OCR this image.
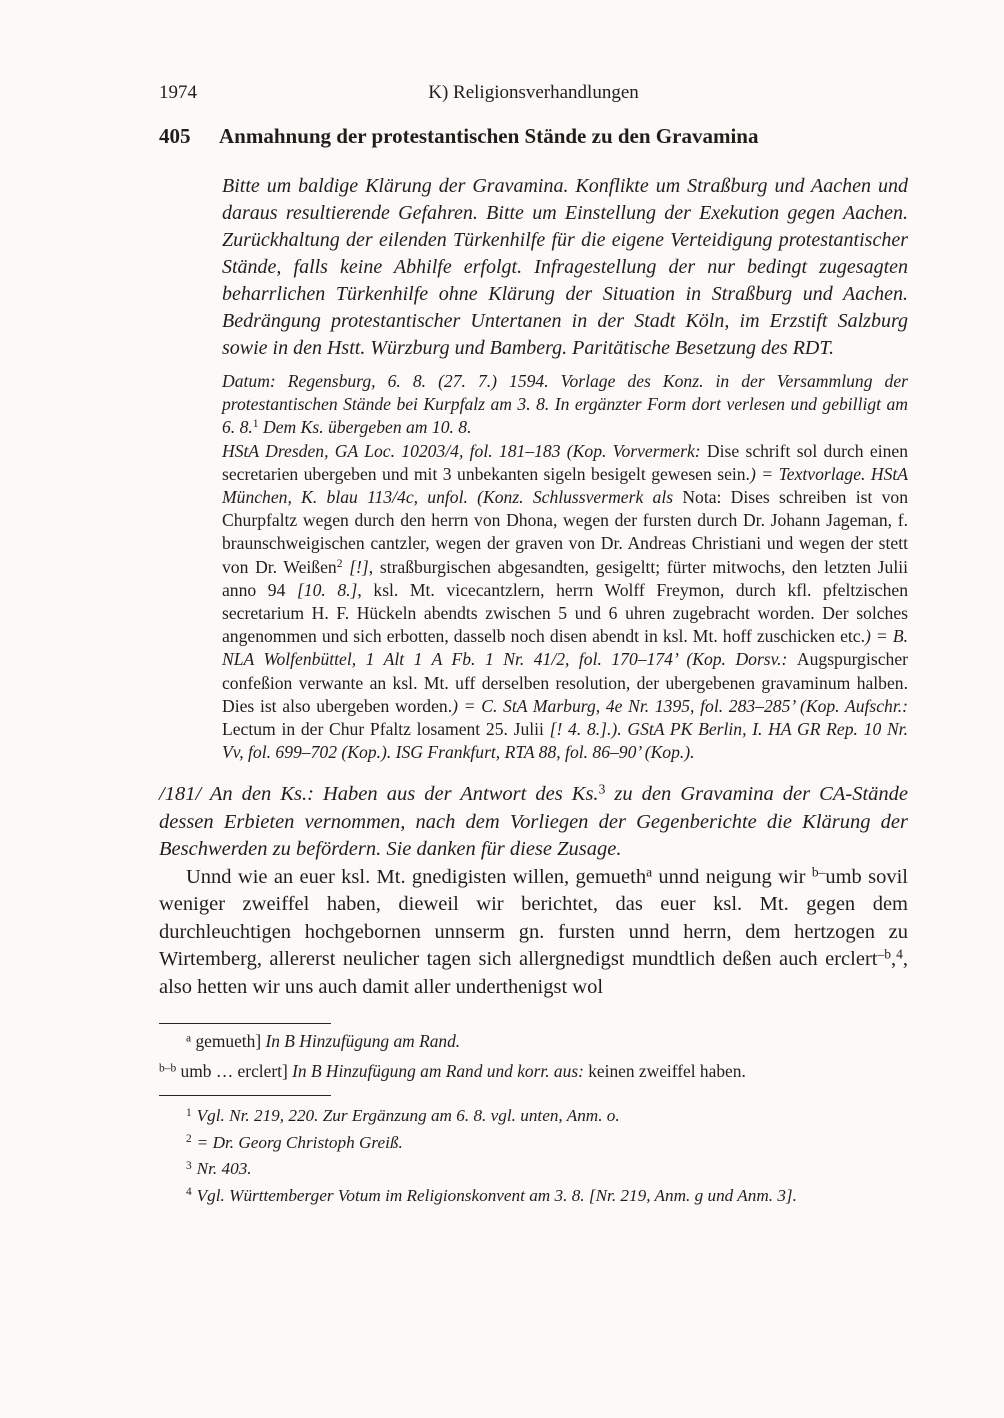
1974	K) Religionsverhandlungen
405	Anmahnung der protestantischen Stände zu den Gravamina

Bitte um baldige Klärung der Gravamina. Konflikte um Straßburg und Aachen und daraus resultierende Gefahren. Bitte um Einstellung der Exekution gegen Aachen. Zurückhaltung der eilenden Türkenhilfe für die eigene Verteidigung protestantischer Stände, falls keine Abhilfe erfolgt. Infragestellung der nur bedingt zugesagten beharrlichen Türkenhilfe ohne Klärung der Situation in Straßburg und Aachen. Bedrängung protestantischer Untertanen in der Stadt Köln, im Erzstift Salzburg sowie in den Hstt. Würzburg und Bamberg. Paritätische Besetzung des RDT.

Datum: Regensburg, 6. 8. (27. 7.) 1594. Vorlage des Konz. in der Versammlung der protestantischen Stände bei Kurpfalz am 3. 8. In ergänzter Form dort verlesen und gebilligt am 6. 8.$^1$ Dem Ks. übergeben am 10. 8.

HStA Dresden, GA Loc. 10203/4, fol. 181–183 (Kop. Vorvermerk: Dise schrift sol durch einen secretarien ubergeben und mit 3 unbekanten sigeln besigelt gewesen sein.) = Textvorlage. HStA München, K. blau 113/4c, unfol. (Konz. Schlussvermerk als Nota: Dises schreiben ist von Churpfaltz wegen durch den herrn von Dhona, wegen der fursten durch Dr. Johann Jageman, f. braunschweigischen cantzler, wegen der graven von Dr. Andreas Christiani und wegen der stett von Dr. Weißen$^2$ [!], straßburgischen abgesandten, gesigeltt; fürter mitwochs, den letzten Julii anno 94 [10. 8.], ksl. Mt. vicecantzlern, herrn Wolff Freymon, durch kfl. pfeltzischen secretarium H. F. Hückeln abendts zwischen 5 und 6 uhren zugebracht worden. Der solches angenommen und sich erbotten, dasselb noch disen abendt in ksl. Mt. hoff zuschicken etc.) = B. NLA Wolfenbüttel, 1 Alt 1 A Fb. 1 Nr. 41/2, fol. 170–174’ (Kop. Dorsv.: Augspurgischer confeßion verwante an ksl. Mt. uff derselben resolution, der ubergebenen gravaminum halben. Dies ist also ubergeben worden.) = C. StA Marburg, 4e Nr. 1395, fol. 283–285’ (Kop. Aufschr.: Lectum in der Chur Pfaltz losament 25. Julii [! 4. 8.].). GStA PK Berlin, I. HA GR Rep. 10 Nr. Vv, fol. 699–702 (Kop.). ISG Frankfurt, RTA 88, fol. 86–90’ (Kop.).

/181/ An den Ks.: Haben aus der Antwort des Ks.$^3$ zu den Gravamina der CA-Stände dessen Erbieten vernommen, nach dem Vorliegen der Gegenberichte die Klärung der Beschwerden zu befördern. Sie danken für diese Zusage.

Unnd wie an euer ksl. Mt. gnedigisten willen, gemueth$^a$ unnd neigung wir $^{b-}$umb sovil weniger zweiffel haben, dieweil wir berichtet, das euer ksl. Mt. gegen dem durchleuchtigen hochgebornen unnserm gn. fursten unnd herrn, dem hertzogen zu Wirtemberg, allererst neulicher tagen sich allergnedigst mundtlich deßen auch erclert$^{-b}$,$^4$, also hetten wir uns auch damit aller underthenigst wol

$^a$ gemueth] In B Hinzufügung am Rand.

$^{b-b}$ umb … erclert] In B Hinzufügung am Rand und korr. aus: keinen zweiffel haben.

$^1$ Vgl. Nr. 219, 220. Zur Ergänzung am 6. 8. vgl. unten, Anm. o.

$^2$ = Dr. Georg Christoph Greiß.

$^3$ Nr. 403.

$^4$ Vgl. Württemberger Votum im Religionskonvent am 3. 8. [Nr. 219, Anm. g und Anm. 3].
